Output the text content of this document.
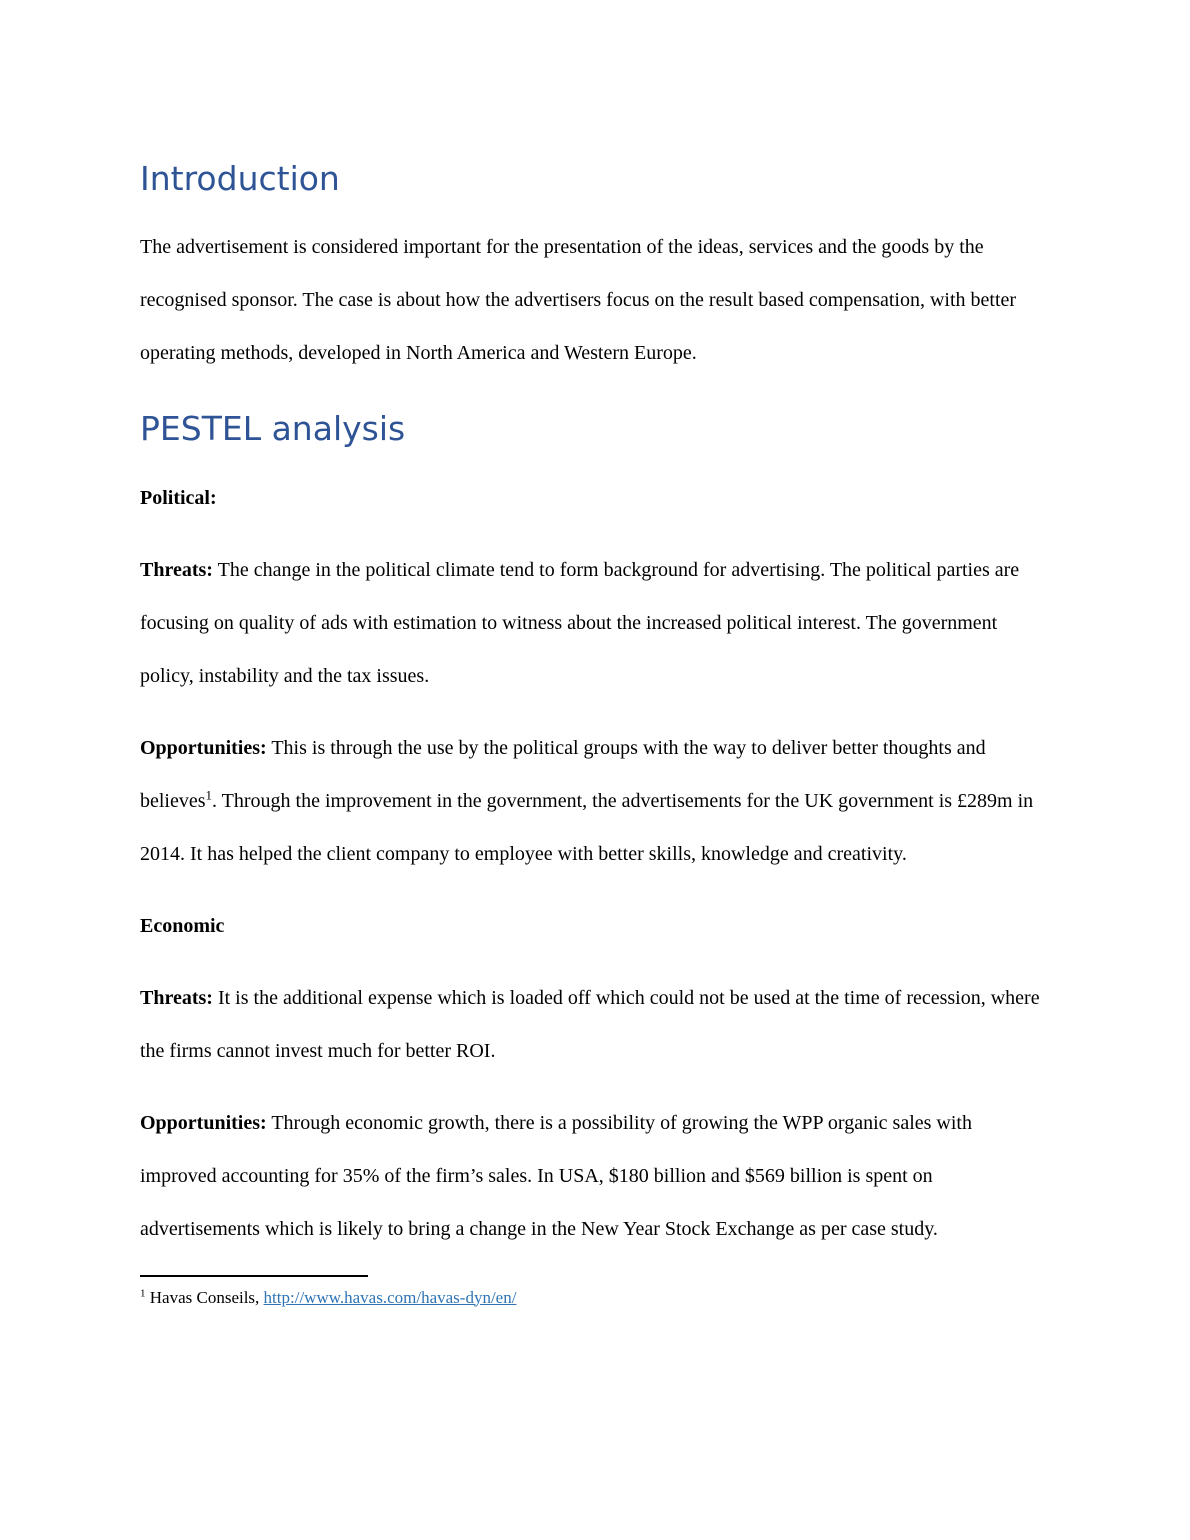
Introduction

The advertisement is considered important for the presentation of the ideas, services and the goods by the recognised sponsor. The case is about how the advertisers focus on the result based compensation, with better operating methods, developed in North America and Western Europe.

PESTEL analysis

Political:

Threats: The change in the political climate tend to form background for advertising. The political parties are focusing on quality of ads with estimation to witness about the increased political interest. The government policy, instability and the tax issues.

Opportunities: This is through the use by the political groups with the way to deliver better thoughts and believes$^1$. Through the improvement in the government, the advertisements for the UK government is £289m in 2014. It has helped the client company to employee with better skills, knowledge and creativity.

Economic

Threats: It is the additional expense which is loaded off which could not be used at the time of recession, where the firms cannot invest much for better ROI.

Opportunities: Through economic growth, there is a possibility of growing the WPP organic sales with improved accounting for 35% of the firm’s sales. In USA, $180 billion and $569 billion is spent on advertisements which is likely to bring a change in the New Year Stock Exchange as per case study.

$^1$ Havas Conseils, http://www.havas.com/havas-dyn/en/
